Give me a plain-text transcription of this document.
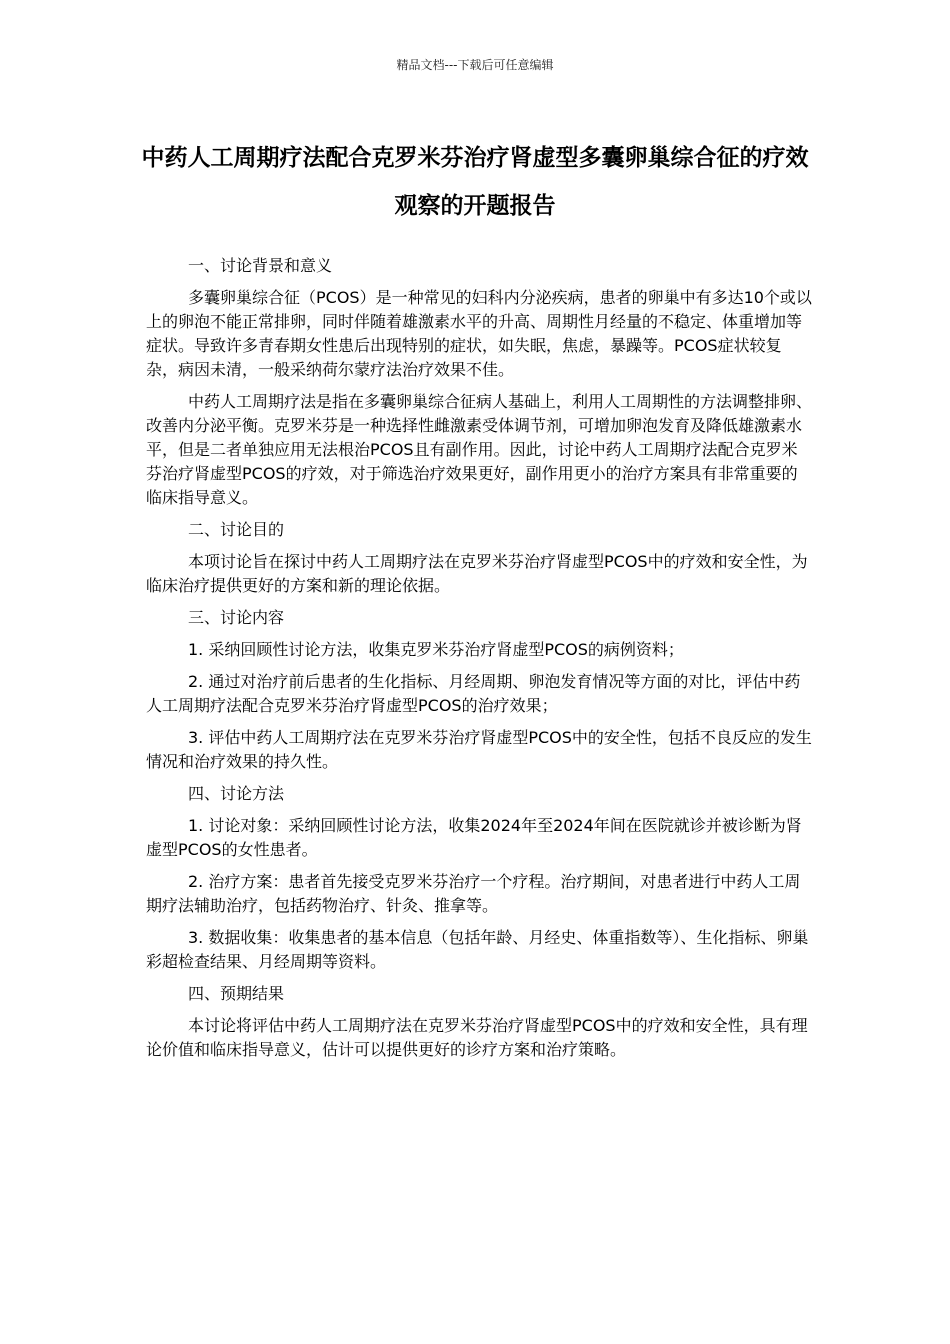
精品文档---下载后可任意编辑
中药人工周期疗法配合克罗米芬治疗肾虚型多囊卵巢综合征的疗效观察的开题报告

一、讨论背景和意义

多囊卵巢综合征（PCOS）是一种常见的妇科内分泌疾病，患者的卵巢中有多达10个或以上的卵泡不能正常排卵，同时伴随着雄激素水平的升高、周期性月经量的不稳定、体重增加等症状。导致许多青春期女性患后出现特别的症状，如失眠，焦虑，暴躁等。PCOS症状较复杂，病因未清，一般采纳荷尔蒙疗法治疗效果不佳。

中药人工周期疗法是指在多囊卵巢综合征病人基础上，利用人工周期性的方法调整排卵、改善内分泌平衡。克罗米芬是一种选择性雌激素受体调节剂，可增加卵泡发育及降低雄激素水平，但是二者单独应用无法根治PCOS且有副作用。因此，讨论中药人工周期疗法配合克罗米芬治疗肾虚型PCOS的疗效，对于筛选治疗效果更好，副作用更小的治疗方案具有非常重要的临床指导意义。

二、讨论目的

本项讨论旨在探讨中药人工周期疗法在克罗米芬治疗肾虚型PCOS中的疗效和安全性，为临床治疗提供更好的方案和新的理论依据。

三、讨论内容

1. 采纳回顾性讨论方法，收集克罗米芬治疗肾虚型PCOS的病例资料；

2. 通过对治疗前后患者的生化指标、月经周期、卵泡发育情况等方面的对比，评估中药人工周期疗法配合克罗米芬治疗肾虚型PCOS的治疗效果；

3. 评估中药人工周期疗法在克罗米芬治疗肾虚型PCOS中的安全性，包括不良反应的发生情况和治疗效果的持久性。

四、讨论方法

1. 讨论对象：采纳回顾性讨论方法，收集2024年至2024年间在医院就诊并被诊断为肾虚型PCOS的女性患者。

2. 治疗方案：患者首先接受克罗米芬治疗一个疗程。治疗期间，对患者进行中药人工周期疗法辅助治疗，包括药物治疗、针灸、推拿等。

3. 数据收集：收集患者的基本信息（包括年龄、月经史、体重指数等）、生化指标、卵巢彩超检查结果、月经周期等资料。

四、预期结果

本讨论将评估中药人工周期疗法在克罗米芬治疗肾虚型PCOS中的疗效和安全性，具有理论价值和临床指导意义，估计可以提供更好的诊疗方案和治疗策略。
